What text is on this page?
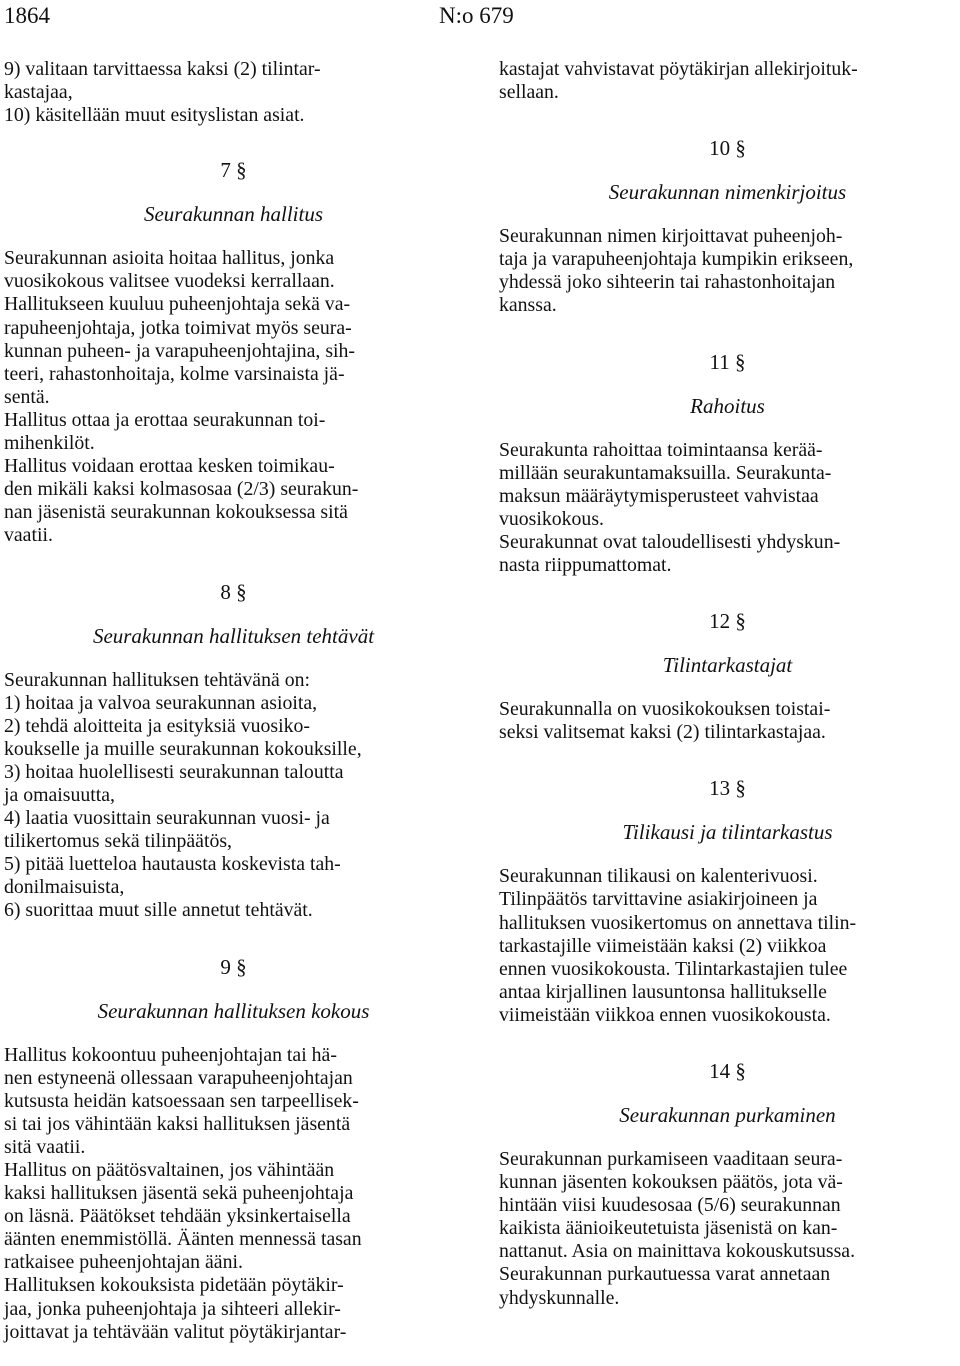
1864	N:o 679

9) valitaan tarvittaessa kaksi (2) tilintar-

kastajaa,

10) käsitellään muut esityslistan asiat.

7 §
Seurakunnan hallitus

Seurakunnan asioita hoitaa hallitus, jonka

vuosikokous valitsee vuodeksi kerrallaan.

Hallitukseen kuuluu puheenjohtaja sekä va-

rapuheenjohtaja, jotka toimivat myös seura-

kunnan puheen- ja varapuheenjohtajina, sih-

teeri, rahastonhoitaja, kolme varsinaista jä-

sentä.

Hallitus ottaa ja erottaa seurakunnan toi-

mihenkilöt.

Hallitus voidaan erottaa kesken toimikau-

den mikäli kaksi kolmasosaa (2/3) seurakun-

nan jäsenistä seurakunnan kokouksessa sitä

vaatii.

8 §
Seurakunnan hallituksen tehtävät

Seurakunnan hallituksen tehtävänä on:

1) hoitaa ja valvoa seurakunnan asioita,

2) tehdä aloitteita ja esityksiä vuosiko-

koukselle ja muille seurakunnan kokouksille,

3) hoitaa huolellisesti seurakunnan taloutta

ja omaisuutta,

4) laatia vuosittain seurakunnan vuosi- ja

tilikertomus sekä tilinpäätös,

5) pitää luetteloa hautausta koskevista tah-

donilmaisuista,

6) suorittaa muut sille annetut tehtävät.

9 §
Seurakunnan hallituksen kokous

Hallitus kokoontuu puheenjohtajan tai hä-

nen estyneenä ollessaan varapuheenjohtajan

kutsusta heidän katsoessaan sen tarpeellisek-

si tai jos vähintään kaksi hallituksen jäsentä

sitä vaatii.

Hallitus on päätösvaltainen, jos vähintään

kaksi hallituksen jäsentä sekä puheenjohtaja

on läsnä. Päätökset tehdään yksinkertaisella

äänten enemmistöllä. Äänten mennessä tasan

ratkaisee puheenjohtajan ääni.

Hallituksen kokouksista pidetään pöytäkir-

jaa, jonka puheenjohtaja ja sihteeri allekir-

joittavat ja tehtävään valitut pöytäkirjantar-

kastajat vahvistavat pöytäkirjan allekirjoituk-

sellaan.

10 §
Seurakunnan nimenkirjoitus

Seurakunnan nimen kirjoittavat puheenjoh-

taja ja varapuheenjohtaja kumpikin erikseen,

yhdessä joko sihteerin tai rahastonhoitajan

kanssa.

11 §
Rahoitus

Seurakunta rahoittaa toimintaansa kerää-

millään seurakuntamaksuilla. Seurakunta-

maksun määräytymisperusteet vahvistaa

vuosikokous.

Seurakunnat ovat taloudellisesti yhdyskun-

nasta riippumattomat.

12 §
Tilintarkastajat

Seurakunnalla on vuosikokouksen toistai-

seksi valitsemat kaksi (2) tilintarkastajaa.

13 §
Tilikausi ja tilintarkastus

Seurakunnan tilikausi on kalenterivuosi.

Tilinpäätös tarvittavine asiakirjoineen ja

hallituksen vuosikertomus on annettava tilin-

tarkastajille viimeistään kaksi (2) viikkoa

ennen vuosikokousta. Tilintarkastajien tulee

antaa kirjallinen lausuntonsa hallitukselle

viimeistään viikkoa ennen vuosikokousta.

14 §
Seurakunnan purkaminen

Seurakunnan purkamiseen vaaditaan seura-

kunnan jäsenten kokouksen päätös, jota vä-

hintään viisi kuudesosaa (5/6) seurakunnan

kaikista äänioikeutetuista jäsenistä on kan-

nattanut. Asia on mainittava kokouskutsussa.

Seurakunnan purkautuessa varat annetaan

yhdyskunnalle.
